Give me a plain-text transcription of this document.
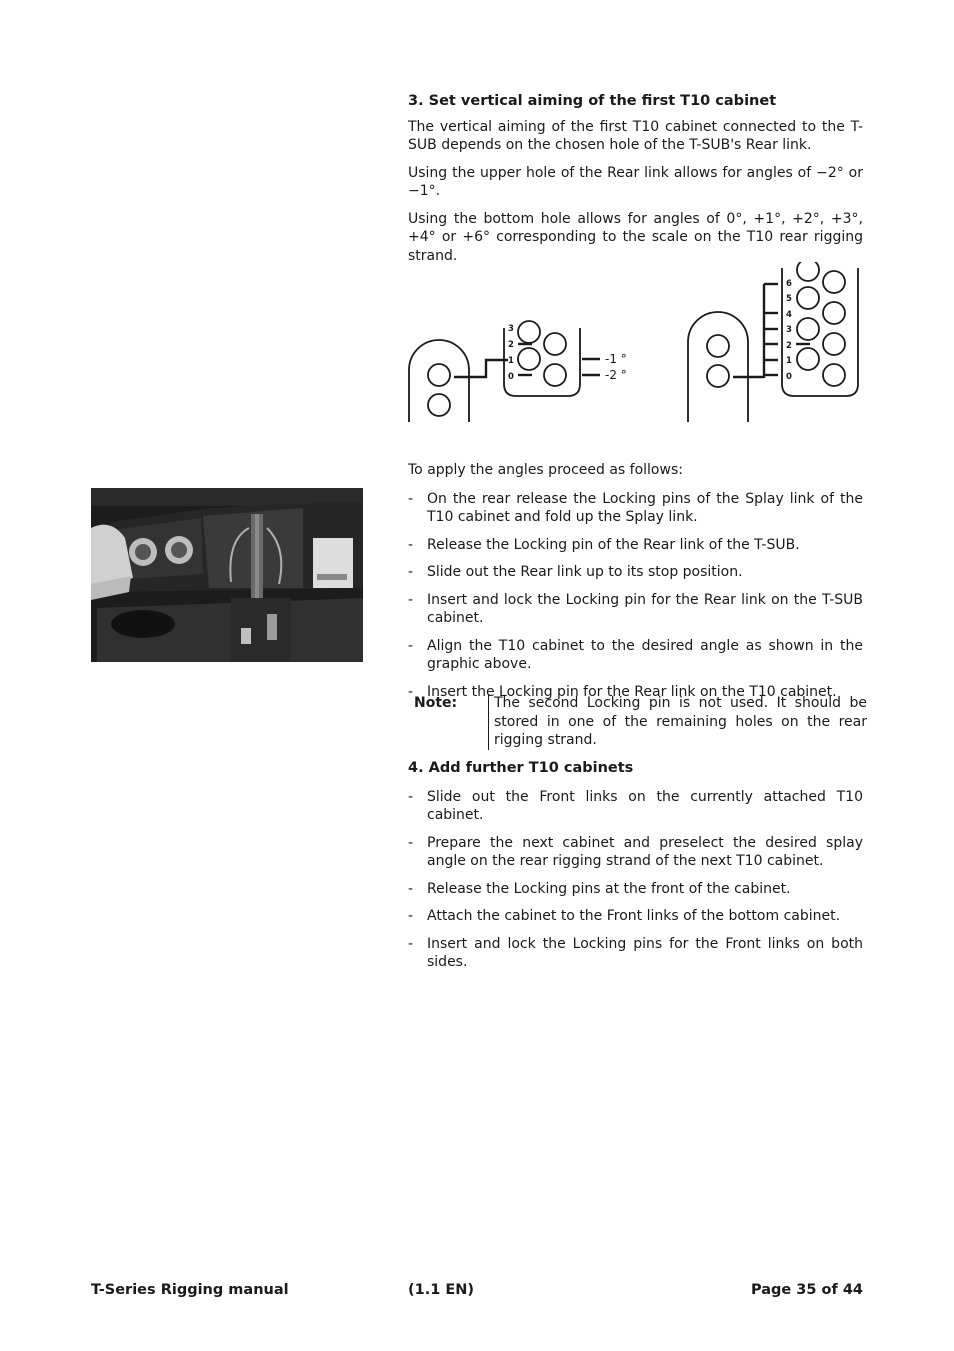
3. Set vertical aiming of the first T10 cabinet

The vertical aiming of the first T10 cabinet connected to the T-SUB depends on the chosen hole of the T-SUB's Rear link.

Using the upper hole of the Rear link allows for angles of −2° or −1°.

Using the bottom hole allows for angles of 0°, +1°, +2°, +3°, +4° or +6° corresponding to the scale on the T10 rear rigging strand.

3
2
1
0
-1 °
-2 °
6
5
4
3
2
1
0

To apply the angles proceed as follows:

- On the rear release the Locking pins of the Splay link of the T10 cabinet and fold up the Splay link.
- Release the Locking pin of the Rear link of the T-SUB.
- Slide out the Rear link up to its stop position.
- Insert and lock the Locking pin for the Rear link on the T-SUB cabinet.
- Align the T10 cabinet to the desired angle as shown in the graphic above.
- Insert the Locking pin for the Rear link on the T10 cabinet.
Note:	The second Locking pin is not used. It should be stored in one of the remaining holes on the rear rigging strand.
4. Add further T10 cabinets
- Slide out the Front links on the currently attached T10 cabinet.
- Prepare the next cabinet and preselect the desired splay angle on the rear rigging strand of the next T10 cabinet.
- Release the Locking pins at the front of the cabinet.
- Attach the cabinet to the Front links of the bottom cabinet.
- Insert and lock the Locking pins for the Front links on both sides.
T-Series Rigging manual	(1.1 EN)	Page 35 of 44
